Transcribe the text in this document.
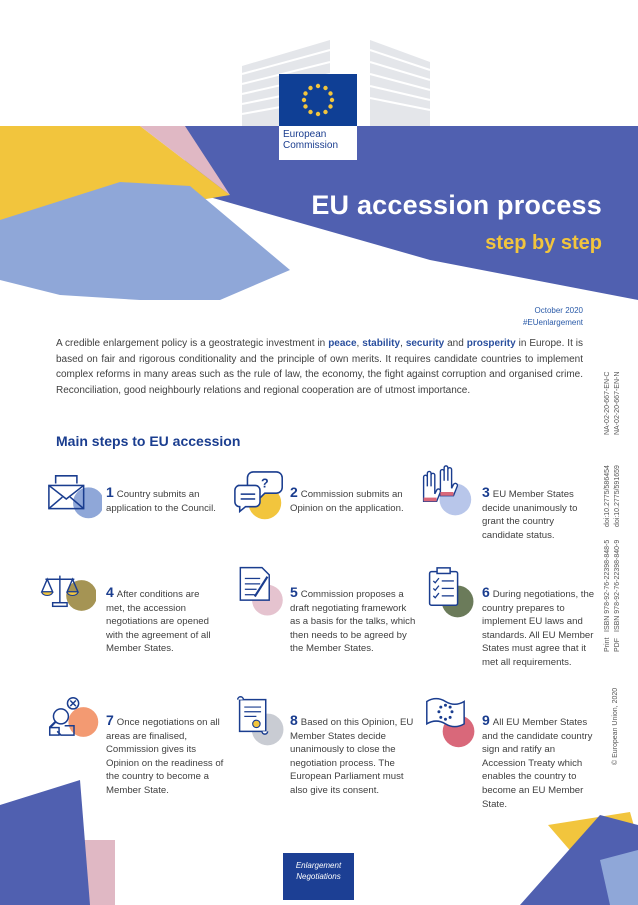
European
Commission
EU accession process
step by step
October 2020
#EUenlargement
A credible enlargement policy is a geostrategic investment in peace, stability, security and prosperity in Europe. It is based on fair and rigorous conditionality and the principle of own merits. It requires candidate countries to implement complex reforms in many areas such as the rule of law, the economy, the fight against corruption and organised crime. Reconciliation, good neighbourly relations and regional cooperation are of utmost importance.	NA-02-20-667-EN-C NA-02-20-667-EN-N
doi:10.2775/586454 doi:10.2775/591659
ISBN 978-92-76-22398-848-5 ISBN 978-92-76-22398-840-9
Print PDF
Main steps to EU accession
1 Country submits an application to the Council.
?
2 Commission submits an Opinion on the application.
3 EU Member States decide unanimously to grant the country candidate status.
4 After conditions are met, the accession negotiations are opened with the agreement of all Member States.
5 Commission proposes a draft negotiating framework as a basis for the talks, which then needs to be agreed by the Member States.
6 During negotiations, the country prepares to implement EU laws and standards. All EU Member States must agree that it met all requirements.
7 Once negotiations on all areas are finalised, Commission gives its Opinion on the readiness of the country to become a Member State.
8 Based on this Opinion, EU Member States decide unanimously to close the negotiation process. The European Parliament must also give its consent.
9 All EU Member States and the candidate country sign and ratify an Accession Treaty which enables the country to become an EU Member State.
© European Union, 2020
Enlargement
Negotiations
